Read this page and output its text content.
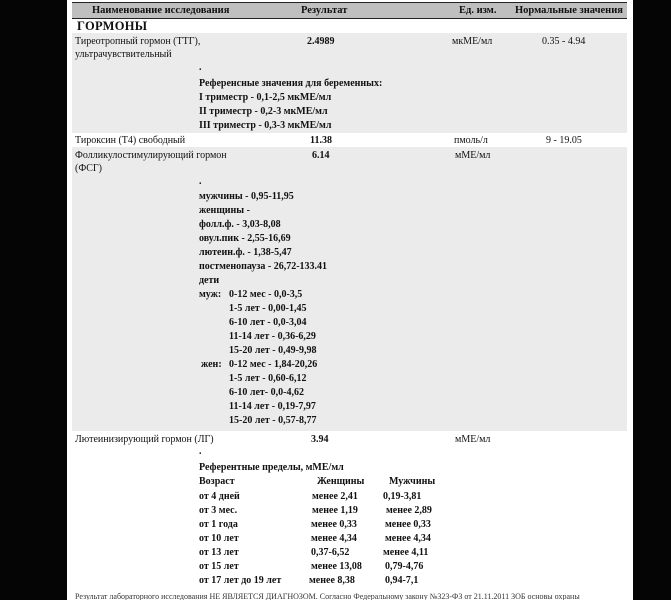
Наименование исследования	Результат	Ед. изм. Нормальные значения
ГОРМОНЫ
Тиреотропный гормон (ТТГ),
ультрачувствительный
2.4989	мкМЕ/мл	0.35 - 4.94
.
Референсные значения для беременных:
I триместр - 0,1-2,5 мкМЕ/мл
II триместр - 0,2-3 мкМЕ/мл
III триместр - 0,3-3 мкМЕ/мл
Тироксин (Т4) свободный	11.38	пмоль/л	9 - 19.05
Фолликулостимулирующий гормон
(ФСГ)
6.14	мМЕ/мл
.
мужчины - 0,95-11,95
женщины -
фолл.ф. - 3,03-8,08
овул.пик - 2,55-16,69
лютеин.ф. - 1,38-5,47
постменопауза - 26,72-133.41
дети
муж: 0-12 мес - 0,0-3,5
1-5 лет - 0,00-1,45
6-10 лет - 0,0-3,04
11-14 лет - 0,36-6,29
15-20 лет - 0,49-9,98
жен: 0-12 мес - 1,84-20,26
1-5 лет - 0,60-6,12
6-10 лет- 0,0-4,62
11-14 лет - 0,19-7,97
15-20 лет - 0,57-8,77
Лютеинизирующий гормон (ЛГ)	3.94	мМЕ/мл
.
Референтные пределы, мМЕ/мл
Возраст	Женщины Мужчины
от 4 дней	менее 2,41	0,19-3,81
от 3 мес.	менее 1,19	менее 2,89
от 1 года	менее 0,33	менее 0,33
от 10 лет	менее 4,34	менее 4,34
от 13 лет	0,37-6,52	менее 4,11
от 15 лет	менее 13,08 0,79-4,76
от 17 лет до 19 лет	менее 8,38	0,94-7,1
Результат лабораторного исследования НЕ ЯВЛЯЕТСЯ ДИАГНОЗОМ. Согласно Федеральному закону №323-ФЗ от 21.11.2011 ЗОБ основы охраны
